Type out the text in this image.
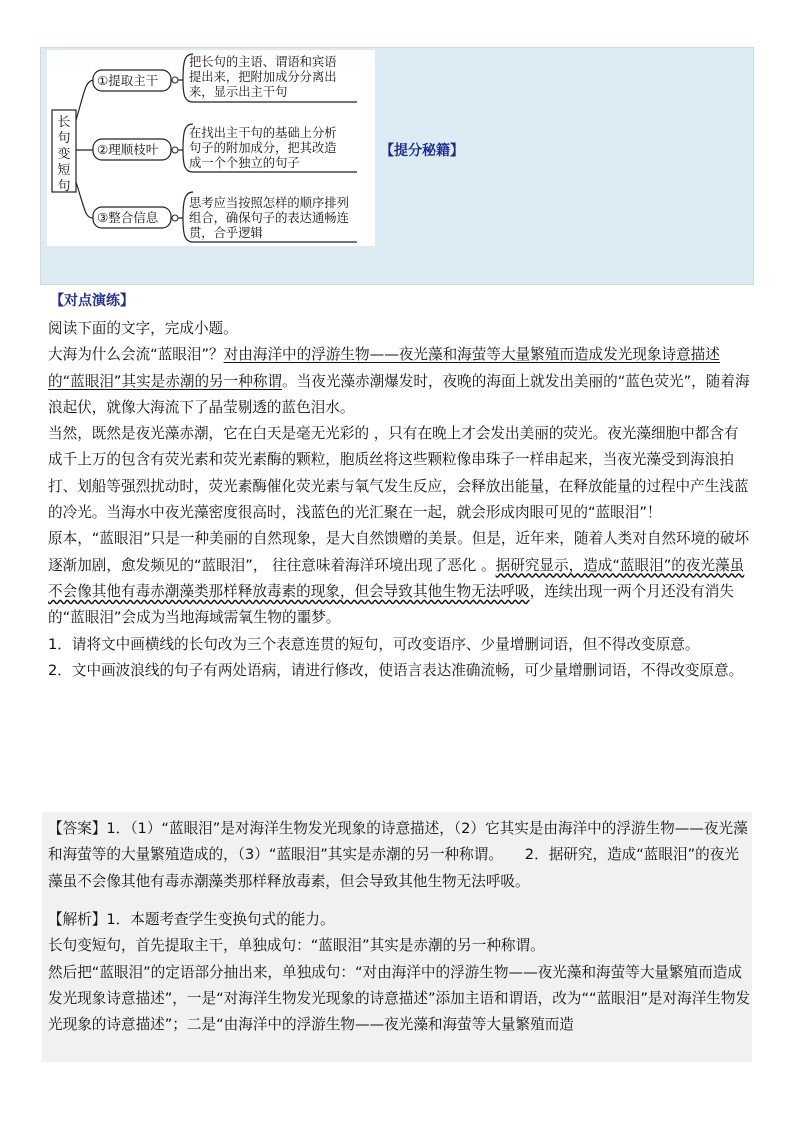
长
句
变
短
句
①提取主干
②理顺枝叶
③整合信息
把长句的主语、谓语和宾语
提出来，把附加成分分离出
来，显示出主干句
在找出主干句的基础上分析
句子的附加成分，把其改造
成一个个独立的句子
思考应当按照怎样的顺序排列
组合，确保句子的表达通畅连
贯，合乎逻辑
【提分秘籍】
【对点演练】

阅读下面的文字，完成小题。

大海为什么会流“蓝眼泪”？对由海洋中的浮游生物——夜光藻和海萤等大量繁殖而造成发光现象诗意描述的“蓝眼泪”其实是赤潮的另一种称谓。当夜光藻赤潮爆发时，夜晚的海面上就发出美丽的“蓝色荧光”，随着海浪起伏，就像大海流下了晶莹剔透的蓝色泪水。

当然，既然是夜光藻赤潮，它在白天是毫无光彩的 ，只有在晚上才会发出美丽的荧光。夜光藻细胞中都含有成千上万的包含有荧光素和荧光素酶的颗粒，胞质丝将这些颗粒像串珠子一样串起来，当夜光藻受到海浪拍打、划船等强烈扰动时，荧光素酶催化荧光素与氧气发生反应，会释放出能量，在释放能量的过程中产生浅蓝的冷光。当海水中夜光藻密度很高时，浅蓝色的光汇聚在一起，就会形成肉眼可见的“蓝眼泪”！

原本，“蓝眼泪”只是一种美丽的自然现象，是大自然馈赠的美景。但是，近年来，随着人类对自然环境的破坏逐渐加剧，愈发频见的“蓝眼泪”， 往往意味着海洋环境出现了恶化 。据研究显示，造成“蓝眼泪”的夜光藻虽不会像其他有毒赤潮藻类那样释放毒素的现象，但会导致其他生物无法呼吸，连续出现一两个月还没有消失的“蓝眼泪”会成为当地海域需氧生物的噩梦。

1．请将文中画横线的长句改为三个表意连贯的短句，可改变语序、少量增删词语，但不得改变原意。

2．文中画波浪线的句子有两处语病，请进行修改，使语言表达准确流畅，可少量增删词语，不得改变原意。

【答案】1．（1）“蓝眼泪”是对海洋生物发光现象的诗意描述，（2）它其实是由海洋中的浮游生物——夜光藻和海萤等的大量繁殖造成的，（3）“蓝眼泪”其实是赤潮的另一种称谓。　　2．据研究，造成“蓝眼泪”的夜光藻虽不会像其他有毒赤潮藻类那样释放毒素，但会导致其他生物无法呼吸。

【解析】1．本题考查学生变换句式的能力。

长句变短句，首先提取主干，单独成句：“蓝眼泪”其实是赤潮的另一种称谓。

然后把“蓝眼泪”的定语部分抽出来，单独成句：“对由海洋中的浮游生物——夜光藻和海萤等大量繁殖而造成发光现象诗意描述”，一是“对海洋生物发光现象的诗意描述”添加主语和谓语，改为““蓝眼泪”是对海洋生物发光现象的诗意描述”；二是“由海洋中的浮游生物——夜光藻和海萤等大量繁殖而造
